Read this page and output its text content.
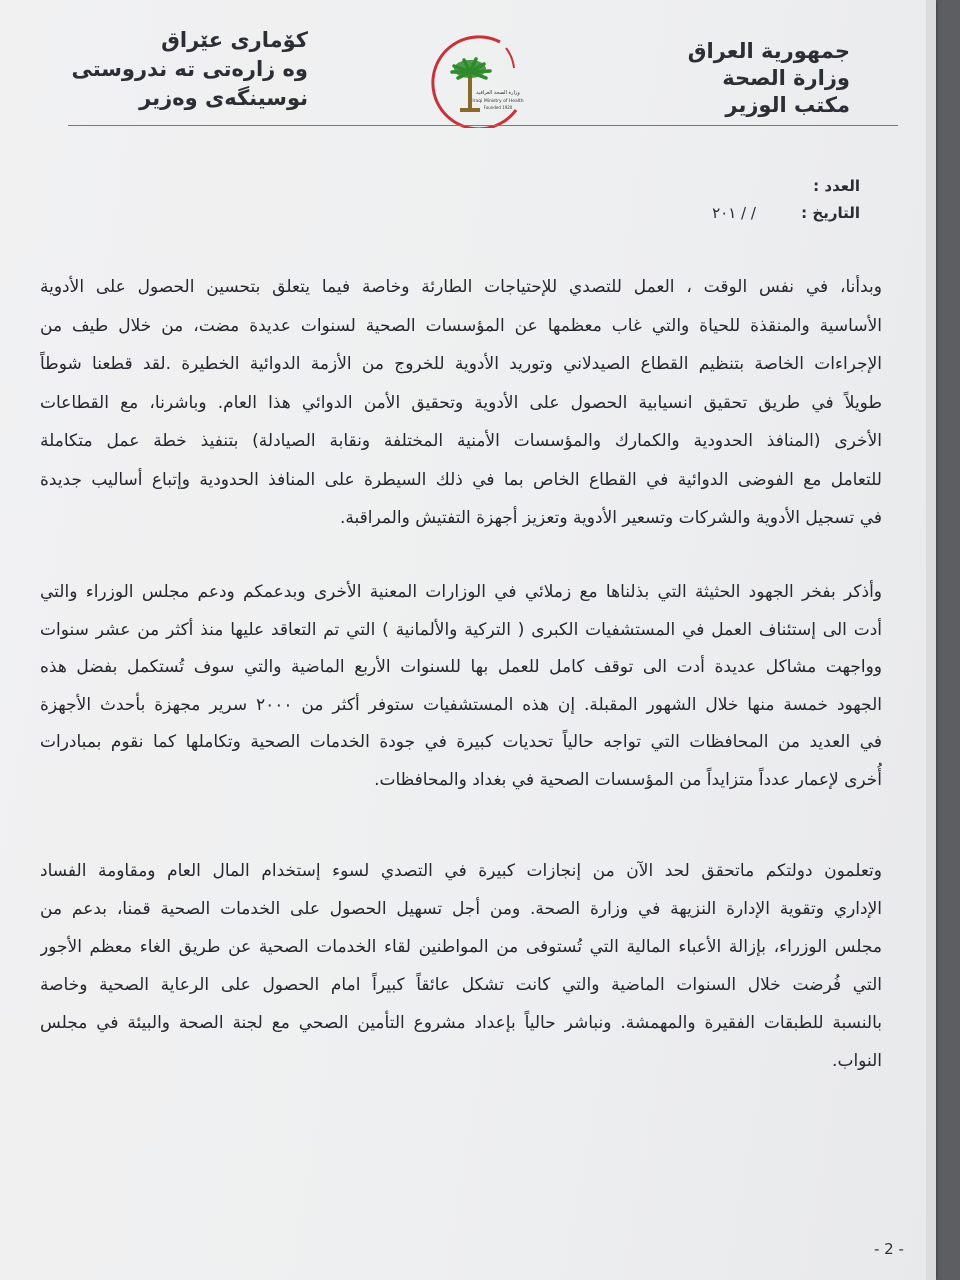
جمهورية العراق
وزارة الصحة
مكتب الوزير
وزارة الصحة العراقية
Iraqi Ministry of Health
Founded 1920
كۆمارى عێراق
وه زارەتى ته ندروستى
نوسينگەى وەزير
العدد :
التاريخ : / / ٢٠١
وبدأنا، في نفس الوقت ، العمل للتصدي للإحتياجات الطارئة وخاصة فيما يتعلق بتحسين الحصول على الأدوية
الأساسية والمنقذة للحياة والتي غاب معظمها عن المؤسسات الصحية لسنوات عديدة مضت، من خلال طيف من
الإجراءات الخاصة بتنظيم القطاع الصيدلاني وتوريد الأدوية للخروج من الأزمة الدوائية الخطيرة .لقد قطعنا شوطاً
طويلاً في طريق تحقيق انسيابية الحصول على الأدوية وتحقيق الأمن الدوائي هذا العام. وباشرنا، مع القطاعات
الأخرى (المنافذ الحدودية والكمارك والمؤسسات الأمنية المختلفة ونقابة الصيادلة) بتنفيذ خطة عمل متكاملة
للتعامل مع الفوضى الدوائية في القطاع الخاص بما في ذلك السيطرة على المنافذ الحدودية وإتباع أساليب جديدة
في تسجيل الأدوية والشركات وتسعير الأدوية وتعزيز أجهزة التفتيش والمراقبة.
وأذكر بفخر الجهود الحثيثة التي بذلناها مع زملائي في الوزارات المعنية الأخرى وبدعمكم ودعم مجلس الوزراء والتي
أدت الى إستئناف العمل في المستشفيات الكبرى ( التركية والألمانية ) التي تم التعاقد عليها منذ أكثر من عشر سنوات
وواجهت مشاكل عديدة أدت الى توقف كامل للعمل بها للسنوات الأربع الماضية والتي سوف تُستكمل بفضل هذه
الجهود خمسة منها خلال الشهور المقبلة. إن هذه المستشفيات ستوفر أكثر من ٢٠٠٠ سرير مجهزة بأحدث الأجهزة
في العديد من المحافظات التي تواجه حالياً تحديات كبيرة في جودة الخدمات الصحية وتكاملها كما نقوم بمبادرات
أُخرى لإعمار عدداً متزايداً من المؤسسات الصحية في بغداد والمحافظات.
وتعلمون دولتكم ماتحقق لحد الآن من إنجازات كبيرة في التصدي لسوء إستخدام المال العام ومقاومة الفساد
الإداري وتقوية الإدارة النزيهة في وزارة الصحة. ومن أجل تسهيل الحصول على الخدمات الصحية قمنا، بدعم من
مجلس الوزراء، بإزالة الأعباء المالية التي تُستوفى من المواطنين لقاء الخدمات الصحية عن طريق الغاء معظم الأجور
التي فُرضت خلال السنوات الماضية والتي كانت تشكل عائقاً كبيراً امام الحصول على الرعاية الصحية وخاصة
بالنسبة للطبقات الفقيرة والمهمشة. ونباشر حالياً بإعداد مشروع التأمين الصحي مع لجنة الصحة والبيئة في مجلس
النواب.
- 2 -
